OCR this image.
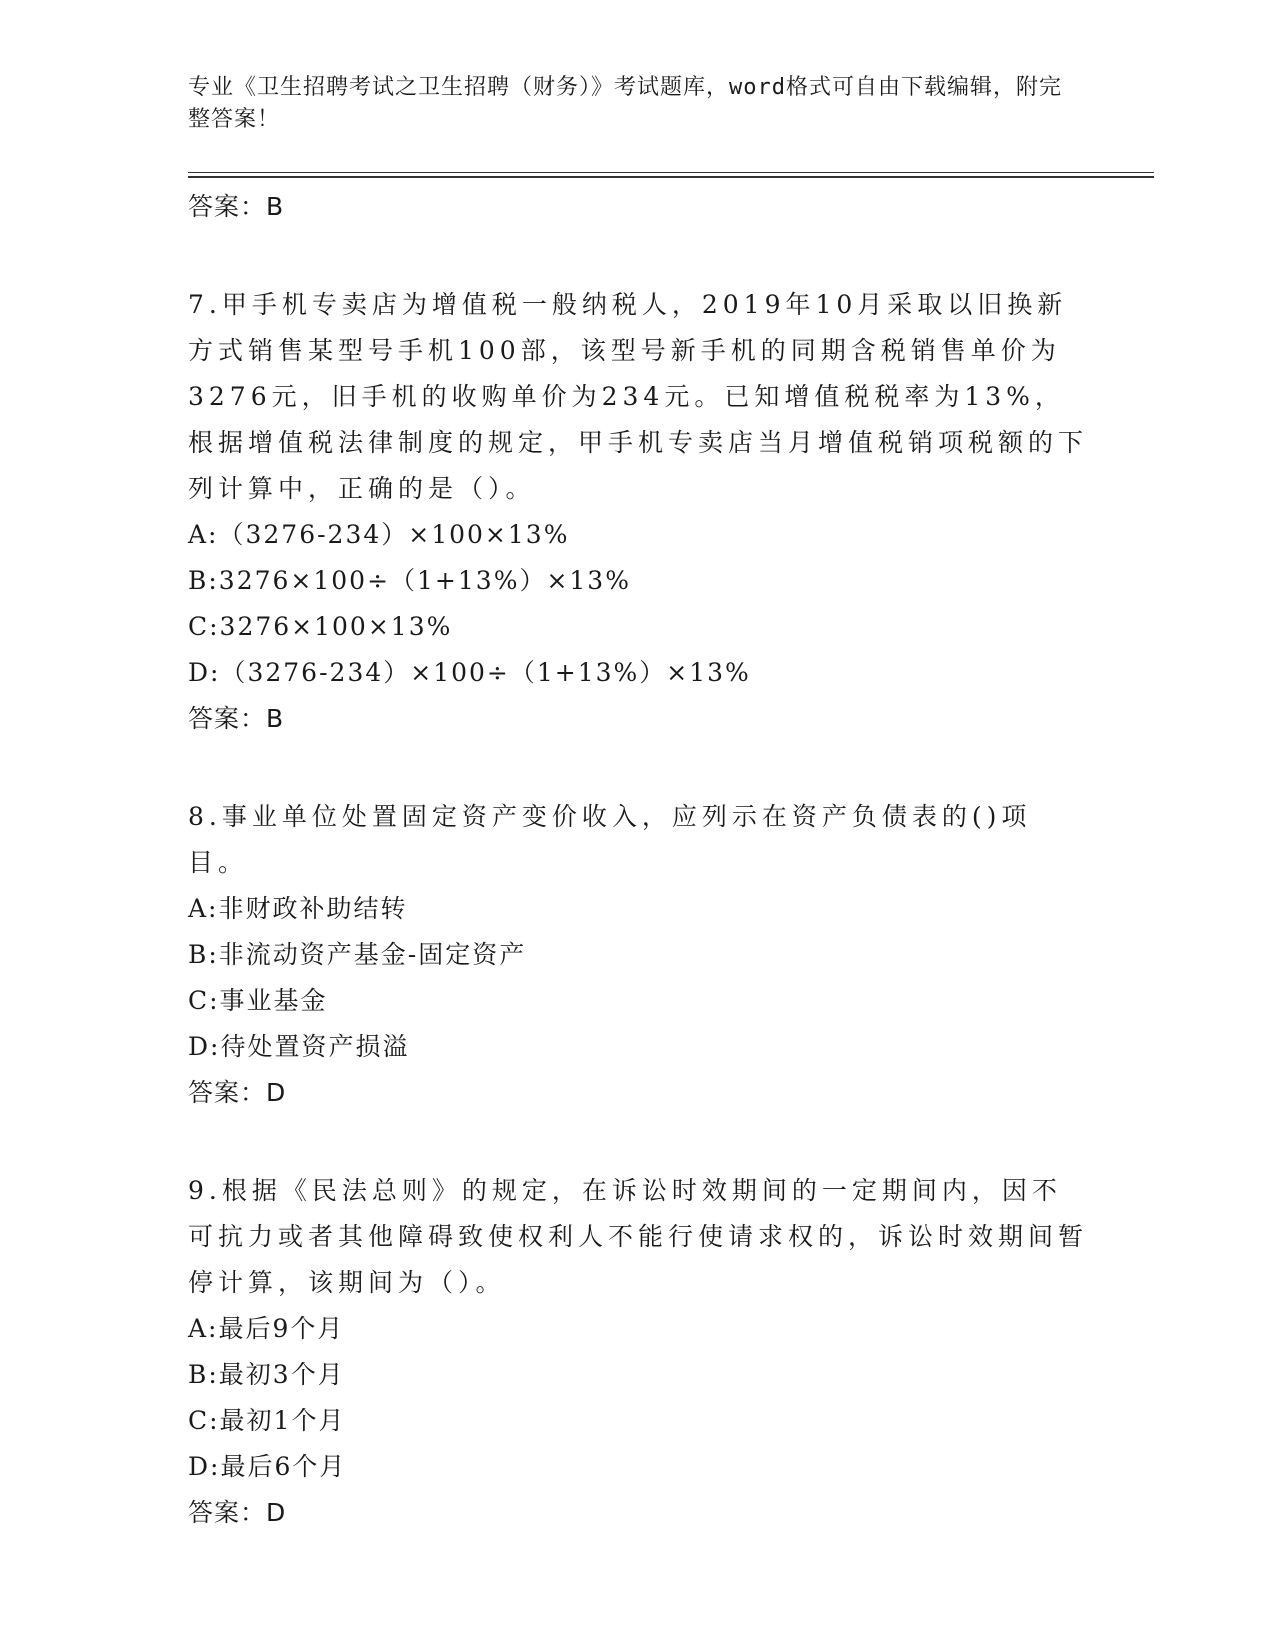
专业《卫生招聘考试之卫生招聘（财务）》考试题库，word格式可自由下载编辑，附完整答案！

答案：B

7.甲手机专卖店为增值税一般纳税人，2019年10月采取以旧换新方式销售某型号手机100部，该型号新手机的同期含税销售单价为3276元，旧手机的收购单价为234元。已知增值税税率为13%，根据增值税法律制度的规定，甲手机专卖店当月增值税销项税额的下列计算中，正确的是（）。

A:（3276-234）×100×13%
B:3276×100÷（1+13%）×13%
C:3276×100×13%
D:（3276-234）×100÷（1+13%）×13%
答案：B

8.事业单位处置固定资产变价收入，应列示在资产负债表的()项目。

A:非财政补助结转
B:非流动资产基金-固定资产
C:事业基金
D:待处置资产损溢
答案：D

9.根据《民法总则》的规定，在诉讼时效期间的一定期间内，因不可抗力或者其他障碍致使权利人不能行使请求权的，诉讼时效期间暂停计算，该期间为（）。

A:最后9个月
B:最初3个月
C:最初1个月
D:最后6个月
答案：D
